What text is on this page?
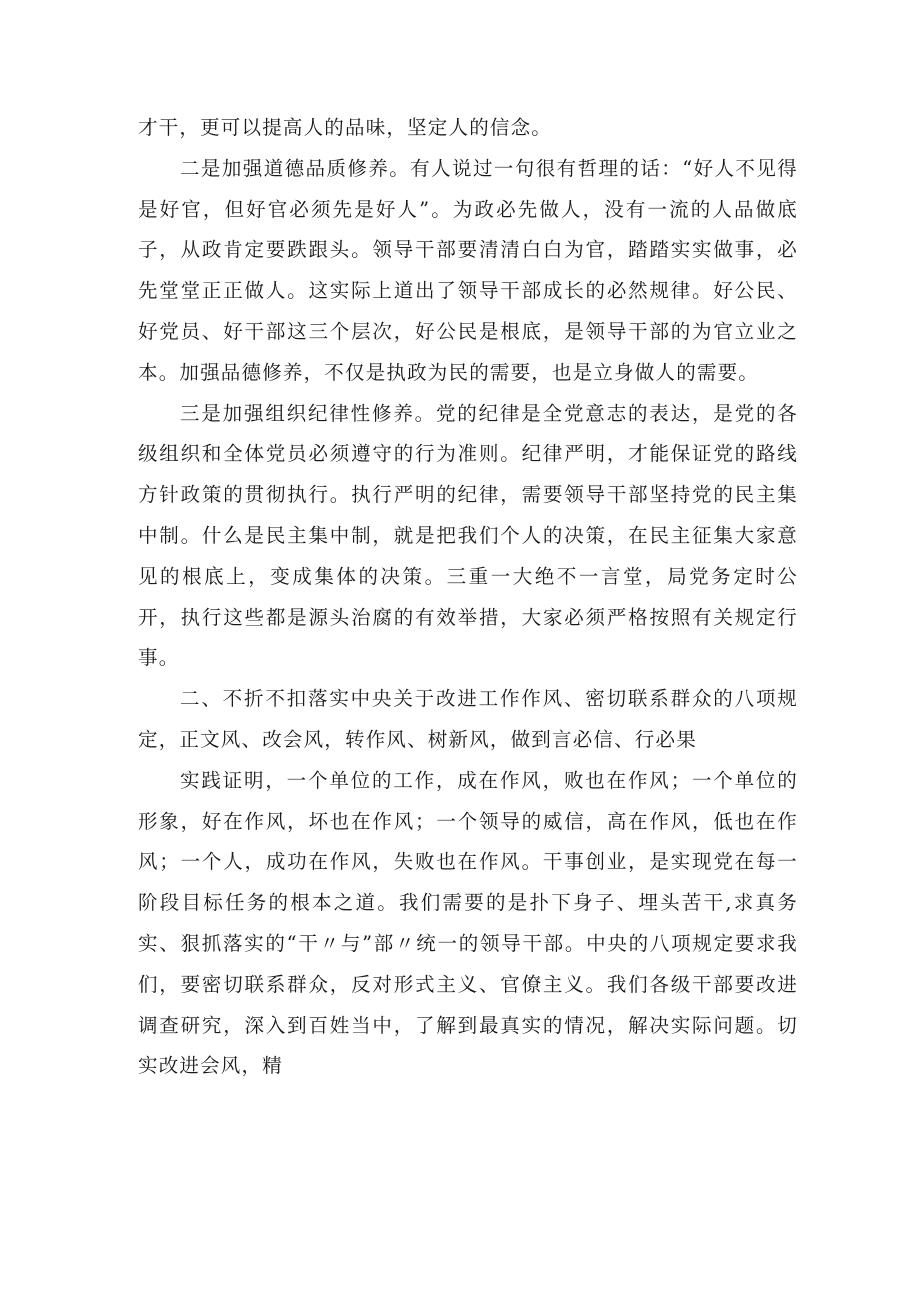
才干，更可以提高人的品味，坚定人的信念。

二是加强道德品质修养。有人说过一句很有哲理的话：“好人不见得是好官，但好官必须先是好人”。为政必先做人，没有一流的人品做底子，从政肯定要跌跟头。领导干部要清清白白为官，踏踏实实做事，必先堂堂正正做人。这实际上道出了领导干部成长的必然规律。好公民、好党员、好干部这三个层次，好公民是根底，是领导干部的为官立业之本。加强品德修养，不仅是执政为民的需要，也是立身做人的需要。

三是加强组织纪律性修养。党的纪律是全党意志的表达，是党的各级组织和全体党员必须遵守的行为准则。纪律严明，才能保证党的路线方针政策的贯彻执行。执行严明的纪律，需要领导干部坚持党的民主集中制。什么是民主集中制，就是把我们个人的决策，在民主征集大家意见的根底上，变成集体的决策。三重一大绝不一言堂，局党务定时公开，执行这些都是源头治腐的有效举措，大家必须严格按照有关规定行事。

二、不折不扣落实中央关于改进工作作风、密切联系群众的八项规定，正文风、改会风，转作风、树新风，做到言必信、行必果

实践证明，一个单位的工作，成在作风，败也在作风；一个单位的形象，好在作风，坏也在作风；一个领导的威信，高在作风，低也在作风；一个人，成功在作风，失败也在作风。干事创业，是实现党在每一阶段目标任务的根本之道。我们需要的是扑下身子、埋头苦干,求真务实、狠抓落实的“干〃与”部〃统一的领导干部。中央的八项规定要求我们，要密切联系群众，反对形式主义、官僚主义。我们各级干部要改进调查研究，深入到百姓当中，了解到最真实的情况，解决实际问题。切实改进会风，精
